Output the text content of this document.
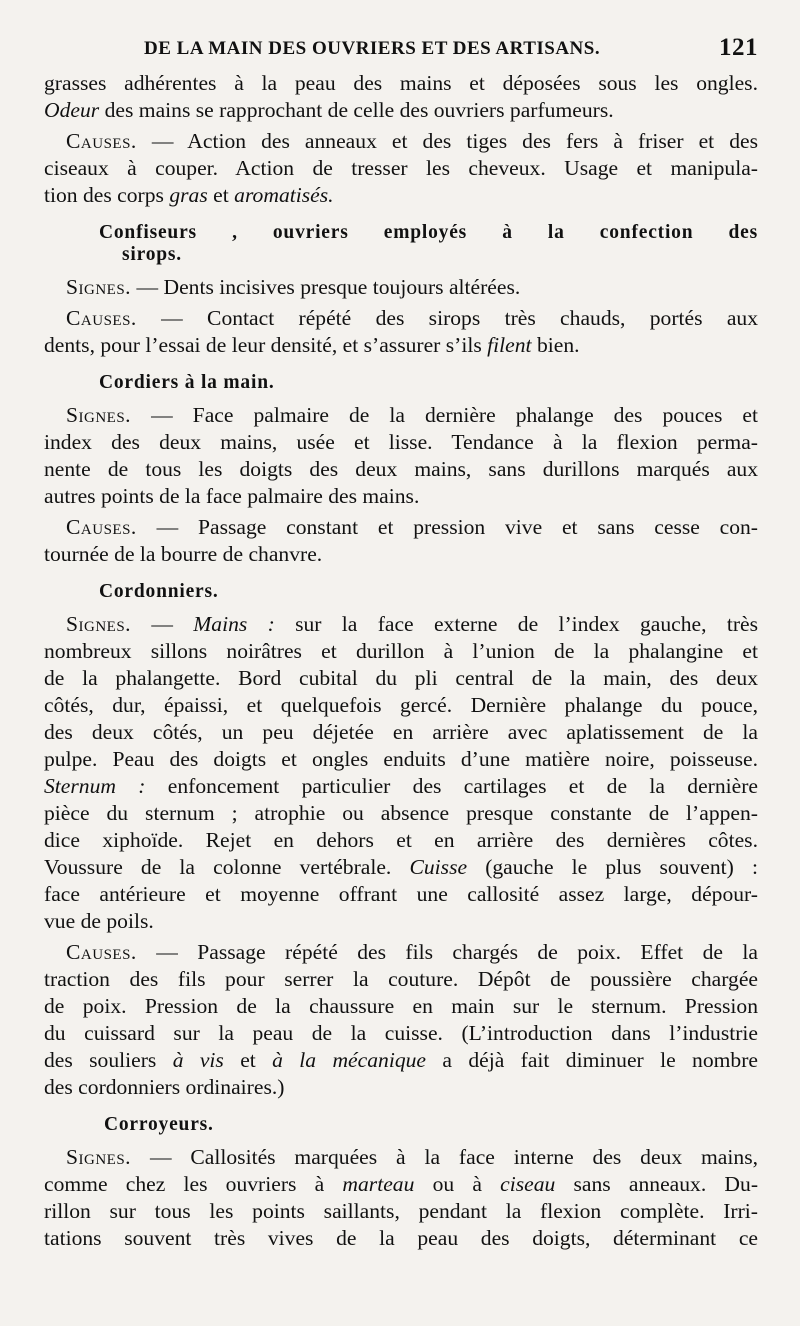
DE LA MAIN DES OUVRIERS ET DES ARTISANS.	121
grasses adhérentes à la peau des mains et déposées sous les ongles.
Odeur des mains se rapprochant de celle des ouvriers parfumeurs.
Causes. — Action des anneaux et des tiges des fers à friser et des
ciseaux à couper. Action de tresser les cheveux. Usage et manipula-
tion des corps gras et aromatisés.
Confiseurs , ouvriers employés à la confection des
sirops.
Signes. — Dents incisives presque toujours altérées.
Causes. — Contact répété des sirops très chauds, portés aux
dents, pour l’essai de leur densité, et s’assurer s’ils filent bien.
Cordiers à la main.
Signes. — Face palmaire de la dernière phalange des pouces et
index des deux mains, usée et lisse. Tendance à la flexion perma-
nente de tous les doigts des deux mains, sans durillons marqués aux
autres points de la face palmaire des mains.
Causes. — Passage constant et pression vive et sans cesse con-
tournée de la bourre de chanvre.
Cordonniers.
Signes. — Mains : sur la face externe de l’index gauche, très
nombreux sillons noirâtres et durillon à l’union de la phalangine et
de la phalangette. Bord cubital du pli central de la main, des deux
côtés, dur, épaissi, et quelquefois gercé. Dernière phalange du pouce,
des deux côtés, un peu déjetée en arrière avec aplatissement de la
pulpe. Peau des doigts et ongles enduits d’une matière noire, poisseuse.
Sternum : enfoncement particulier des cartilages et de la dernière
pièce du sternum ; atrophie ou absence presque constante de l’appen-
dice xiphoïde. Rejet en dehors et en arrière des dernières côtes.
Voussure de la colonne vertébrale. Cuisse (gauche le plus souvent) :
face antérieure et moyenne offrant une callosité assez large, dépour-
vue de poils.
Causes. — Passage répété des fils chargés de poix. Effet de la
traction des fils pour serrer la couture. Dépôt de poussière chargée
de poix. Pression de la chaussure en main sur le sternum. Pression
du cuissard sur la peau de la cuisse. (L’introduction dans l’industrie
des souliers à vis et à la mécanique a déjà fait diminuer le nombre
des cordonniers ordinaires.)
Corroyeurs.
Signes. — Callosités marquées à la face interne des deux mains,
comme chez les ouvriers à marteau ou à ciseau sans anneaux. Du-
rillon sur tous les points saillants, pendant la flexion complète. Irri-
tations souvent très vives de la peau des doigts, déterminant ce
